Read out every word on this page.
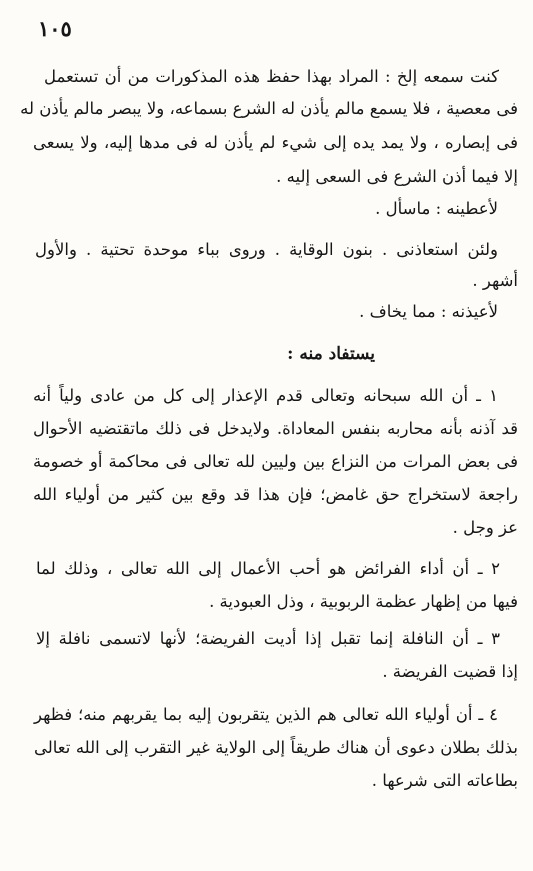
١٠٥
كنت سمعه إلخ : المراد بهذا حفظ هذه المذكورات من أن تستعمل
فى معصية ، فلا يسمع مالم يأذن له الشرع بسماعه، ولا يبصر مالم يأذن له
فى إبصاره ، ولا يمد يده إلى شيء لم يأذن له فى مدها إليه، ولا يسعى
إلا فيما أذن الشرع فى السعى إليه .
لأعطينه : ماسأل .
ولئن استعاذنى . بنون الوقاية . وروى بباء موحدة تحتية . والأول
أشهر .
لأعيذنه : مما يخاف .
يستفاد منه :
١ ـ أن الله سبحانه وتعالى قدم الإعذار إلى كل من عادى ولياً أنه
قد آذنه بأنه محاربه بنفس المعاداة. ولايدخل فى ذلك ماتقتضيه الأحوال
فى بعض المرات من النزاع بين وليين لله تعالى فى محاكمة أو خصومة
راجعة لاستخراج حق غامض؛ فإن هذا قد وقع بين كثير من أولياء الله
عز وجل .
٢ ـ أن أداء الفرائض هو أحب الأعمال إلى الله تعالى ، وذلك لما
فيها من إظهار عظمة الربوبية ، وذل العبودية .
٣ ـ أن النافلة إنما تقبل إذا أديت الفريضة؛ لأنها لاتسمى نافلة إلا
إذا قضيت الفريضة .
٤ ـ أن أولياء الله تعالى هم الذين يتقربون إليه بما يقربهم منه؛ فظهر
بذلك بطلان دعوى أن هناك طريقاً إلى الولاية غير التقرب إلى الله تعالى
بطاعاته التى شرعها .
